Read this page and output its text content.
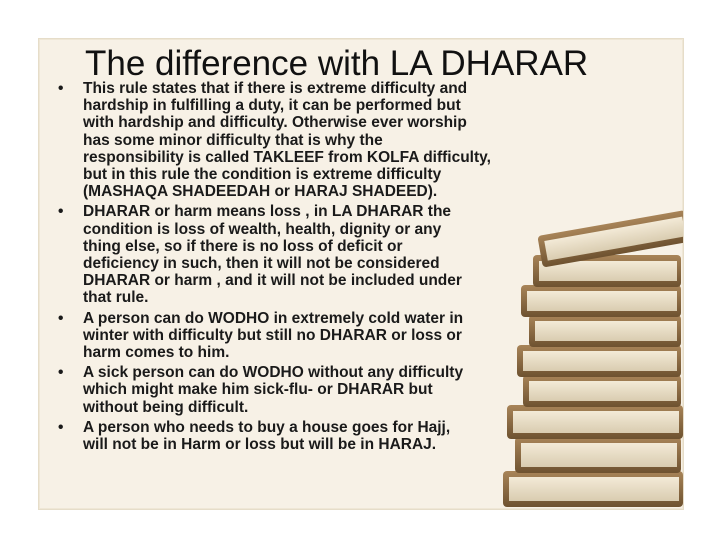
The difference with LA DHARAR
• This rule states that if there is extreme difficulty and
hardship in fulfilling a duty, it can be performed but
with hardship and difficulty. Otherwise ever worship
has some minor difficulty that is why the
responsibility is called TAKLEEF from KOLFA difficulty,
but in this rule the condition is extreme difficulty
(MASHAQA SHADEEDAH or HARAJ SHADEED).
• DHARAR or harm means loss , in LA DHARAR the
condition is loss of wealth, health, dignity or any
thing else, so if there is no loss of deficit or
deficiency in such, then it will not be considered
DHARAR or harm , and it will not be included under
that rule.
• A person can do WODHO in extremely cold water in
winter with difficulty but still no DHARAR or loss or
harm comes to him.
• A sick person can do WODHO without any difficulty
which might make him sick-flu- or DHARAR but
without being difficult.
• A person who needs to buy a house goes for Hajj,
will not be in Harm or loss but will be in HARAJ.
